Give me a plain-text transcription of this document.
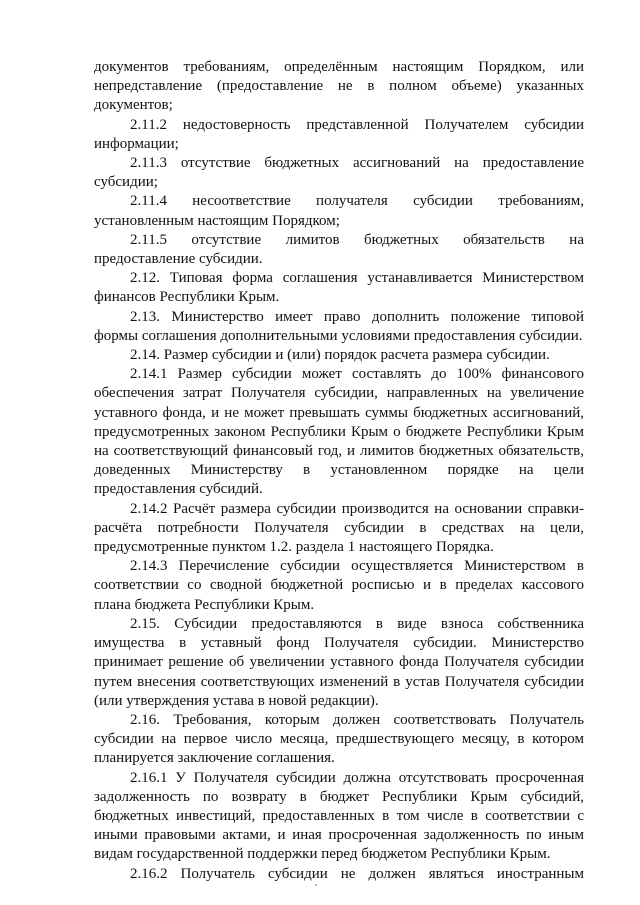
документов требованиям, определённым настоящим Порядком, или непредставление (предоставление не в полном объеме) указанных документов;

2.11.2 недостоверность представленной Получателем субсидии информации;

2.11.3 отсутствие бюджетных ассигнований на предоставление субсидии;

2.11.4 несоответствие получателя субсидии требованиям, установленным настоящим Порядком;

2.11.5 отсутствие лимитов бюджетных обязательств на предоставление субсидии.

2.12. Типовая форма соглашения устанавливается Министерством финансов Республики Крым.

2.13. Министерство имеет право дополнить положение типовой формы соглашения дополнительными условиями предоставления субсидии.

2.14. Размер субсидии и (или) порядок расчета размера субсидии.

2.14.1 Размер субсидии может составлять до 100% финансового обеспечения затрат Получателя субсидии, направленных на увеличение уставного фонда, и не может превышать суммы бюджетных ассигнований, предусмотренных законом Республики Крым о бюджете Республики Крым на соответствующий финансовый год, и лимитов бюджетных обязательств, доведенных Министерству в установленном порядке на цели предоставления субсидий.

2.14.2 Расчёт размера субсидии производится на основании справки-расчёта потребности Получателя субсидии в средствах на цели, предусмотренные пунктом 1.2. раздела 1 настоящего Порядка.

2.14.3 Перечисление субсидии осуществляется Министерством в соответствии со сводной бюджетной росписью и в пределах кассового плана бюджета Республики Крым.

2.15. Субсидии предоставляются в виде взноса собственника имущества в уставный фонд Получателя субсидии. Министерство принимает решение об увеличении уставного фонда Получателя субсидии путем внесения соответствующих изменений в устав Получателя субсидии (или утверждения устава в новой редакции).

2.16. Требования, которым должен соответствовать Получатель субсидии на первое число месяца, предшествующего месяцу, в котором планируется заключение соглашения.

2.16.1 У Получателя субсидии должна отсутствовать просроченная задолженность по возврату в бюджет Республики Крым субсидий, бюджетных инвестиций, предоставленных в том числе в соответствии с иными правовыми актами, и иная просроченная задолженность по иным видам государственной поддержки перед бюджетом Республики Крым.

2.16.2 Получатель субсидии не должен являться иностранным
